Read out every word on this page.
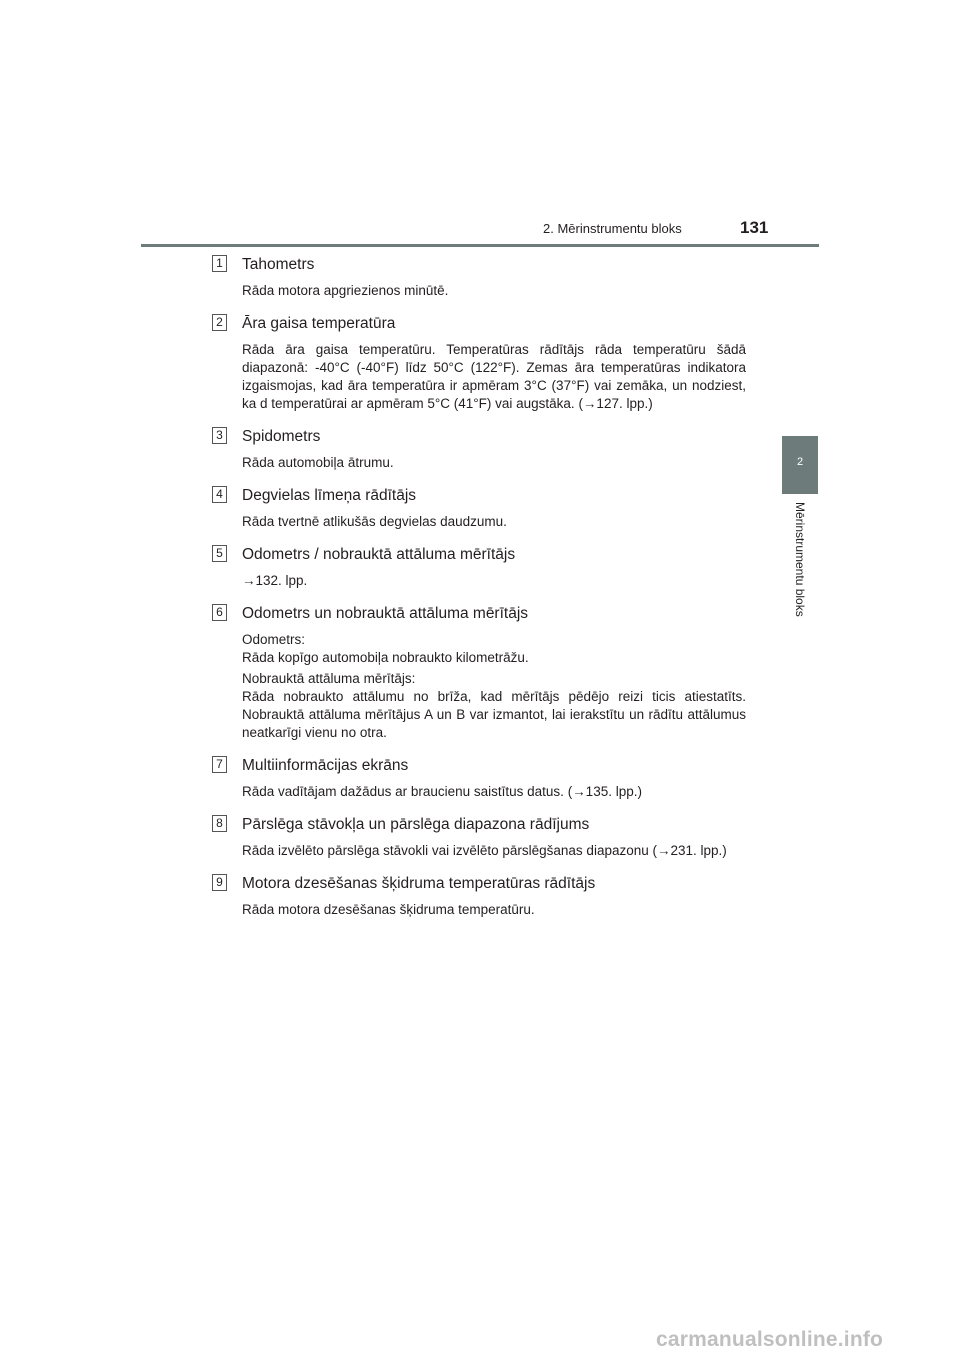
2. Mērinstrumentu bloks	131
2
Mērinstrumentu bloks
1 Tahometrs

Rāda motora apgriezienos minūtē.

2 Āra gaisa temperatūra

Rāda āra gaisa temperatūru. Temperatūras rādītājs rāda temperatūru šādā diapazonā: -40°C (-40°F) līdz 50°C (122°F). Zemas āra temperatūras indikatora izgaismojas, kad āra temperatūra ir apmēram 3°C (37°F) vai zemāka, un nodziest, ka d temperatūrai ar apmēram 5°C (41°F) vai augstāka. (→127. lpp.)

3 Spidometrs

Rāda automobiļa ātrumu.

4 Degvielas līmeņa rādītājs

Rāda tvertnē atlikušās degvielas daudzumu.

5 Odometrs / nobrauktā attāluma mērītājs

→132. lpp.

6 Odometrs un nobrauktā attāluma mērītājs

Odometrs:

Rāda kopīgo automobiļa nobraukto kilometrāžu.

Nobrauktā attāluma mērītājs:

Rāda nobraukto attālumu no brīža, kad mērītājs pēdējo reizi ticis atiestatīts. Nobrauktā attāluma mērītājus A un B var izmantot, lai ierakstītu un rādītu attālumus neatkarīgi vienu no otra.

7 Multiinformācijas ekrāns

Rāda vadītājam dažādus ar braucienu saistītus datus. (→135. lpp.)

8 Pārslēga stāvokļa un pārslēga diapazona rādījums

Rāda izvēlēto pārslēga stāvokli vai izvēlēto pārslēgšanas diapazonu (→231. lpp.)

9 Motora dzesēšanas šķidruma temperatūras rādītājs

Rāda motora dzesēšanas šķidruma temperatūru.

carmanualsonline.info
